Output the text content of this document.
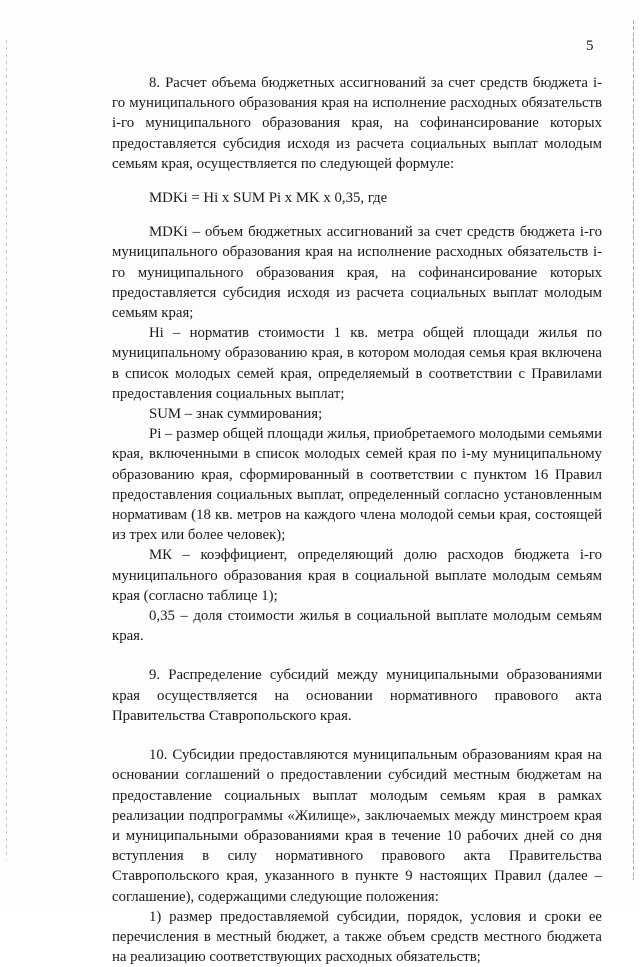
5

8. Расчет объема бюджетных ассигнований за счет средств бюджета i-го муниципального образования края на исполнение расходных обязательств i-го муниципального образования края, на софинансирование которых предоставляется субсидия исходя из расчета социальных выплат молодым семьям края, осуществляется по следующей формуле:

MDKi = Hi x SUM Pi x MK x 0,35, где

MDKi – объем бюджетных ассигнований за счет средств бюджета i-го муниципального образования края на исполнение расходных обязательств i-го муниципального образования края, на софинансирование которых предоставляется субсидия исходя из расчета социальных выплат молодым семьям края;

Hi – норматив стоимости 1 кв. метра общей площади жилья по муниципальному образованию края, в котором молодая семья края включена в список молодых семей края, определяемый в соответствии с Правилами предоставления социальных выплат;

SUM – знак суммирования;

Pi – размер общей площади жилья, приобретаемого молодыми семьями края, включенными в список молодых семей края по i-му муниципальному образованию края, сформированный в соответствии с пунктом 16 Правил предоставления социальных выплат, определенный согласно установленным нормативам (18 кв. метров на каждого члена молодой семьи края, состоящей из трех или более человек);

МК – коэффициент, определяющий долю расходов бюджета i-го муниципального образования края в социальной выплате молодым семьям края (согласно таблице 1);

0,35 – доля стоимости жилья в социальной выплате молодым семьям края.

9. Распределение субсидий между муниципальными образованиями края осуществляется на основании нормативного правового акта Правительства Ставропольского края.

10. Субсидии предоставляются муниципальным образованиям края на основании соглашений о предоставлении субсидий местным бюджетам на предоставление социальных выплат молодым семьям края в рамках реализации подпрограммы «Жилище», заключаемых между минстроем края и муниципальными образованиями края в течение 10 рабочих дней со дня вступления в силу нормативного правового акта Правительства Ставропольского края, указанного в пункте 9 настоящих Правил (далее – соглашение), содержащими следующие положения:

1) размер предоставляемой субсидии, порядок, условия и сроки ее перечисления в местный бюджет, а также объем средств местного бюджета на реализацию соответствующих расходных обязательств;
